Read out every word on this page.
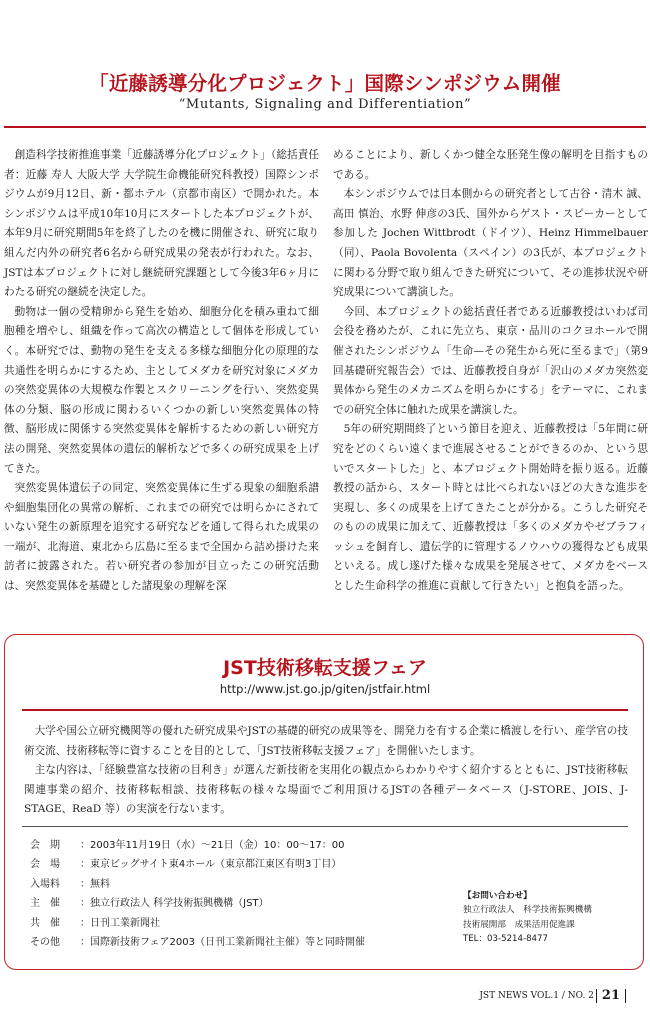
「近藤誘導分化プロジェクト」国際シンポジウム開催
“Mutants, Signaling and Differentiation”

創造科学技術推進事業「近藤誘導分化プロジェクト」（総括責任者：近藤 寿人 大阪大学 大学院生命機能研究科教授）国際シンポジウムが9月12日、新・都ホテル（京都市南区）で開かれた。本シンポジウムは平成10年10月にスタートした本プロジェクトが、本年9月に研究期間5年を終了したのを機に開催され、研究に取り組んだ内外の研究者6名から研究成果の発表が行われた。なお、JSTは本プロジェクトに対し継続研究課題として今後3年6ヶ月にわたる研究の継続を決定した。

動物は一個の受精卵から発生を始め、細胞分化を積み重ねて細胞種を増やし、組織を作って高次の構造として個体を形成していく。本研究では、動物の発生を支える多様な細胞分化の原理的な共通性を明らかにするため、主としてメダカを研究対象にメダカの突然変異体の大規模な作製とスクリーニングを行い、突然変異体の分類、脳の形成に関わるいくつかの新しい突然変異体の特徴、脳形成に関係する突然変異体を解析するための新しい研究方法の開発、突然変異体の遺伝的解析などで多くの研究成果を上げてきた。

突然変異体遺伝子の同定、突然変異体に生ずる現象の細胞系譜や細胞集団化の異常の解析、これまでの研究では明らかにされていない発生の新原理を追究する研究などを通して得られた成果の一端が、北海道、東北から広島に至るまで全国から詰め掛けた来訪者に披露された。若い研究者の参加が目立ったこの研究活動は、突然変異体を基礎とした諸現象の理解を深

めることにより、新しくかつ健全な胚発生像の解明を目指すものである。

本シンポジウムでは日本側からの研究者として古谷・清木 誠、高田 慎治、水野 伸彦の3氏、国外からゲスト・スピーカーとして参加した Jochen Wittbrodt（ドイツ）、Heinz Himmelbauer（同）、Paola Bovolenta（スペイン）の3氏が、本プロジェクトに関わる分野で取り組んできた研究について、その進捗状況や研究成果について講演した。

今回、本プロジェクトの総括責任者である近藤教授はいわば司会役を務めたが、これに先立ち、東京・品川のコクヨホールで開催されたシンポジウム「生命—その発生から死に至るまで」（第9回基礎研究報告会）では、近藤教授自身が「沢山のメダカ突然変異体から発生のメカニズムを明らかにする」をテーマに、これまでの研究全体に触れた成果を講演した。

5年の研究期間終了という節目を迎え、近藤教授は「5年間に研究をどのくらい遠くまで進展させることができるのか、という思いでスタートした」と、本プロジェクト開始時を振り返る。近藤教授の話から、スタート時とは比べられないほどの大きな進歩を実現し、多くの成果を上げてきたことが分かる。こうした研究そのものの成果に加えて、近藤教授は「多くのメダカやゼブラフィッシュを飼育し、遺伝学的に管理するノウハウの獲得なども成果といえる。成し遂げた様々な成果を発展させて、メダカをベースとした生命科学の推進に貢献して行きたい」と抱負を語った。

JST技術移転支援フェア
http://www.jst.go.jp/giten/jstfair.html

大学や国公立研究機関等の優れた研究成果やJSTの基礎的研究の成果等を、開発力を有する企業に橋渡しを行い、産学官の技術交流、技術移転等に資することを目的として、「JST技術移転支援フェア」を開催いたします。

主な内容は、「経験豊富な技術の目利き」が選んだ新技術を実用化の観点からわかりやすく紹介するとともに、JST技術移転関連事業の紹介、技術移転相談、技術移転の様々な場面でご利用頂けるJSTの各種データベース（J-STORE、JOIS、J-STAGE、ReaD 等）の実演を行ないます。

会　期	： 2003年11月19日（水）～21日（金）10：00～17：00
会　場	： 東京ビッグサイト東4ホール（東京都江東区有明3丁目）
入場料	： 無料
主　催	： 独立行政法人 科学技術振興機構（JST）
共　催	： 日刊工業新聞社
その他	： 国際新技術フェア2003（日刊工業新聞社主催）等と同時開催
【お問い合わせ】
独立行政法人　科学技術振興機構
技術展開部　成果活用促進課
TEL：03-5214-8477
JST NEWS VOL.1 / NO. 2 21
